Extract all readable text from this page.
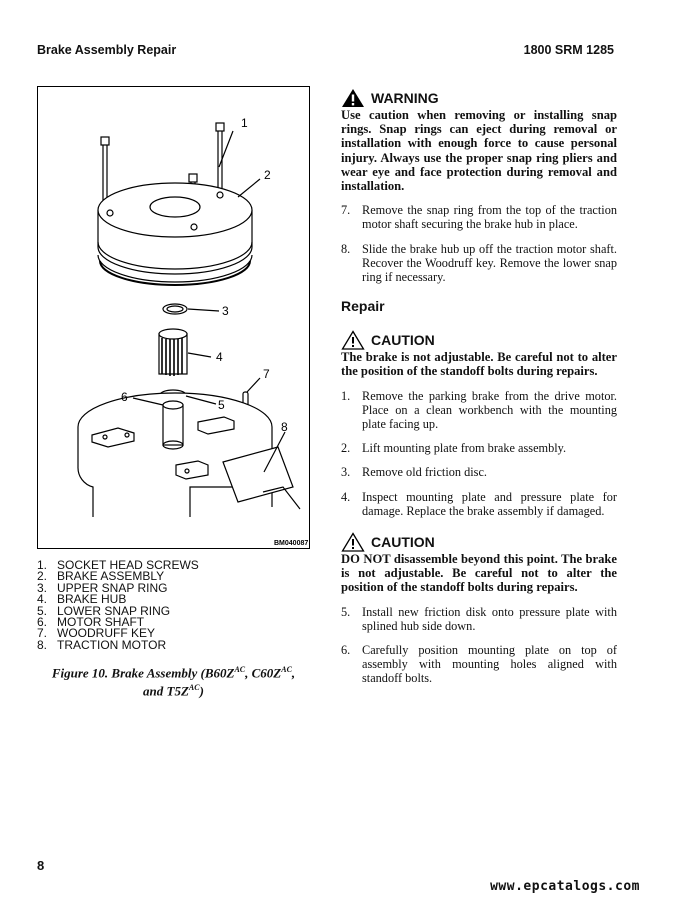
Brake Assembly Repair	1800 SRM 1285
1
2
3
4
7
5
6
8
BM040087
1. SOCKET HEAD SCREWS
2. BRAKE ASSEMBLY
3. UPPER SNAP RING
4. BRAKE HUB
5. LOWER SNAP RING
6. MOTOR SHAFT
7. WOODRUFF KEY
8. TRACTION MOTOR
Figure 10. Brake Assembly ($B60Z^{AC}$, $C60Z^{AC}$,
and $T5Z^{AC}$)
WARNING
Use caution when removing or installing snap rings. Snap rings can eject during removal or installation with enough force to cause personal injury. Always use the proper snap ring pliers and wear eye and face protection during removal and installation.
7. Remove the snap ring from the top of the traction motor shaft securing the brake hub in place.
8. Slide the brake hub up off the traction motor shaft. Recover the Woodruff key. Remove the lower snap ring if necessary.
Repair
CAUTION
The brake is not adjustable. Be careful not to alter the position of the standoff bolts during repairs.
1. Remove the parking brake from the drive motor. Place on a clean workbench with the mounting plate facing up.
2. Lift mounting plate from brake assembly.
3. Remove old friction disc.
4. Inspect mounting plate and pressure plate for damage. Replace the brake assembly if damaged.
CAUTION
DO NOT disassemble beyond this point. The brake is not adjustable. Be careful not to alter the position of the standoff bolts during repairs.
5. Install new friction disk onto pressure plate with splined hub side down.
6. Carefully position mounting plate on top of assembly with mounting holes aligned with standoff bolts.
8
www.epcatalogs.com
